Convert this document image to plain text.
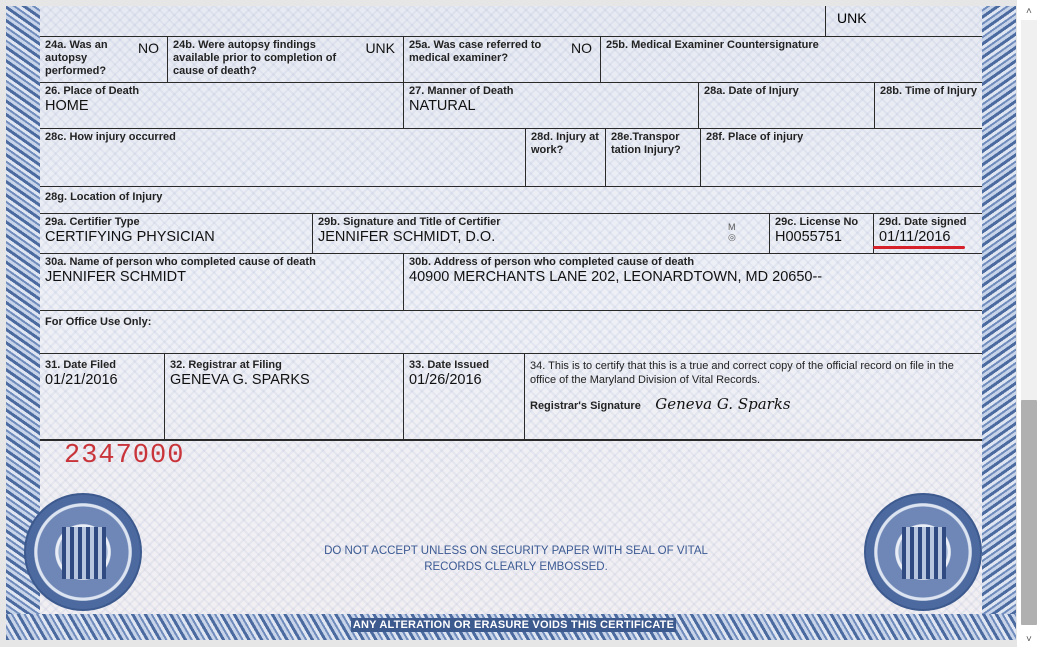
ANY ALTERATION OR ERASURE VOIDS THIS CERTIFICATE
UNK
24a. Was an autopsy performed?
NO 24b. Were autopsy findings available prior to completion of cause of death?
UNK 25a. Was case referred to medical examiner?
NO 25b. Medical Examiner Countersignature
26. Place of Death
HOME
27. Manner of Death
NATURAL
28a. Date of Injury	28b. Time of Injury
28c. How injury occurred	28d. Injury at work?
28e.Transpor tation Injury?
28f. Place of injury
28g. Location of Injury
29a. Certifier Type
CERTIFYING PHYSICIAN
29b. Signature and Title of Certifier
JENNIFER SCHMIDT, D.O.
29c. License No
H0055751
29d. Date signed
01/11/2016
30a. Name of person who completed cause of death
JENNIFER SCHMIDT
30b. Address of person who completed cause of death
40900 MERCHANTS LANE 202, LEONARDTOWN, MD 20650--
For Office Use Only:
31. Date Filed
01/21/2016
32. Registrar at Filing
GENEVA G. SPARKS
33. Date Issued
01/26/2016
34. This is to certify that this is a true and correct copy of the official record on file in the office of the Maryland Division of Vital Records.
Registrar's Signature Geneva G. Sparks
M
◎
2347000
DO NOT ACCEPT UNLESS ON SECURITY PAPER WITH SEAL OF VITAL RECORDS CLEARLY EMBOSSED.
˄
˅
